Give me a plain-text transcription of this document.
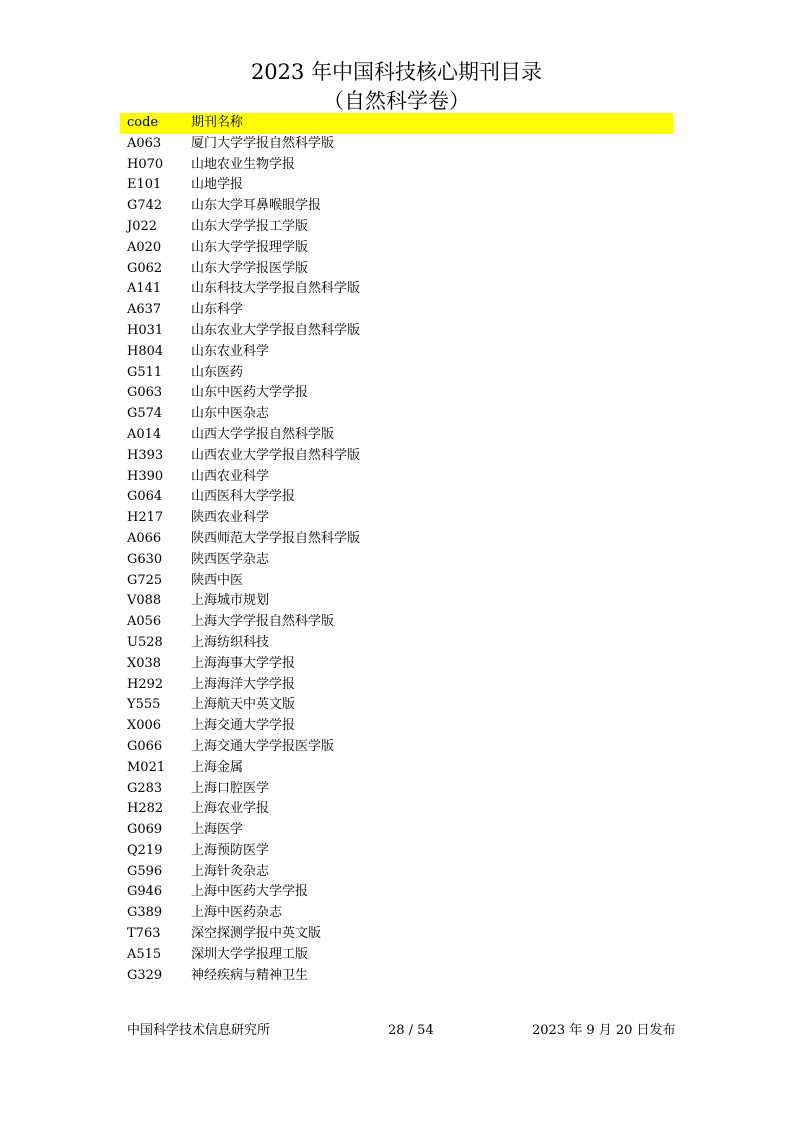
2023 年中国科技核心期刊目录
（自然科学卷）
code	期刊名称
A063	厦门大学学报自然科学版
H070	山地农业生物学报
E101	山地学报
G742	山东大学耳鼻喉眼学报
J022	山东大学学报工学版
A020	山东大学学报理学版
G062	山东大学学报医学版
A141	山东科技大学学报自然科学版
A637	山东科学
H031	山东农业大学学报自然科学版
H804	山东农业科学
G511	山东医药
G063	山东中医药大学学报
G574	山东中医杂志
A014	山西大学学报自然科学版
H393	山西农业大学学报自然科学版
H390	山西农业科学
G064	山西医科大学学报
H217	陕西农业科学
A066	陕西师范大学学报自然科学版
G630	陕西医学杂志
G725	陕西中医
V088	上海城市规划
A056	上海大学学报自然科学版
U528	上海纺织科技
X038	上海海事大学学报
H292	上海海洋大学学报
Y555	上海航天中英文版
X006	上海交通大学学报
G066	上海交通大学学报医学版
M021	上海金属
G283	上海口腔医学
H282	上海农业学报
G069	上海医学
Q219	上海预防医学
G596	上海针灸杂志
G946	上海中医药大学学报
G389	上海中医药杂志
T763	深空探测学报中英文版
A515	深圳大学学报理工版
G329	神经疾病与精神卫生
中国科学技术信息研究所	28 / 54	2023 年 9 月 20 日发布
